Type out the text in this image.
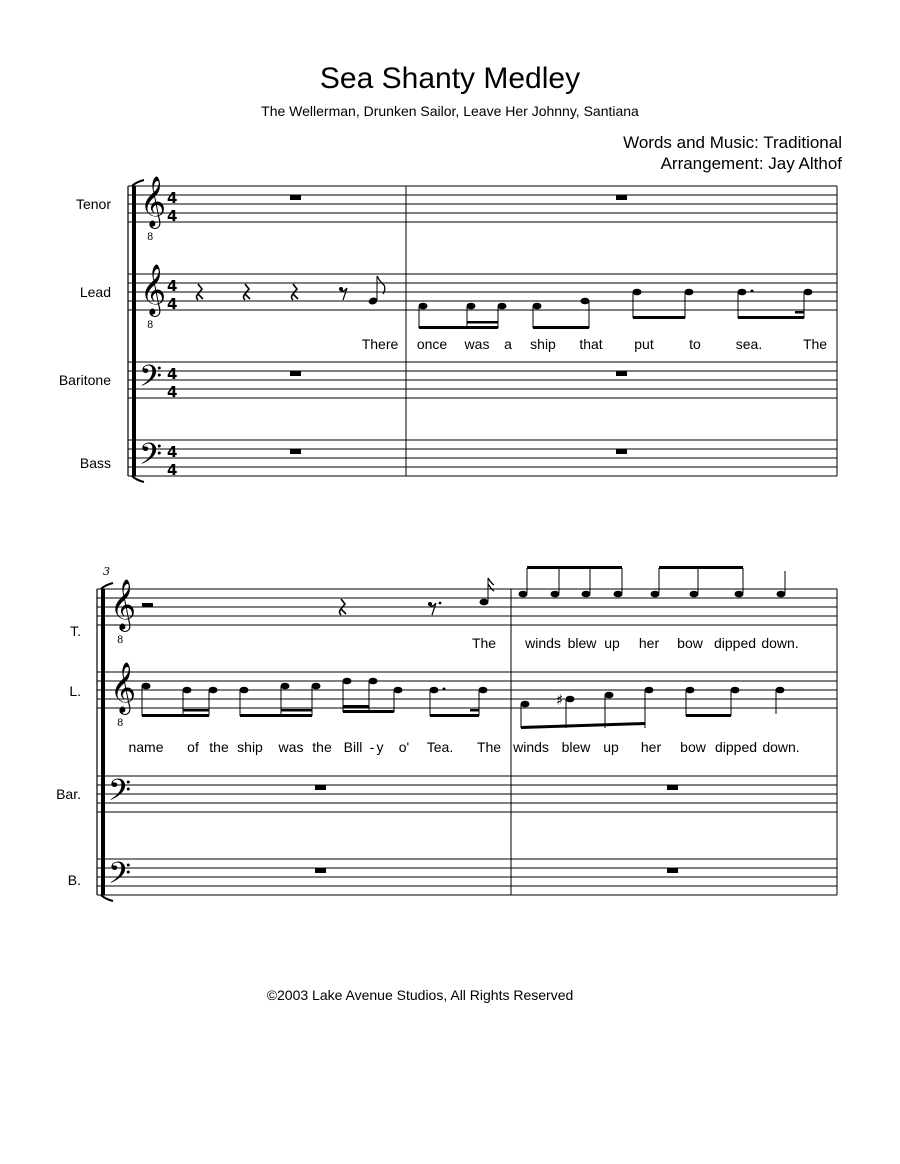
Sea Shanty Medley
The Wellerman, Drunken Sailor, Leave Her Johnny, Santiana
Words and Music: Traditional
Arrangement: Jay Althof
Tenor
Lead
Baritone
Bass
T.
L.
Bar.
B.
3
There once was a ship that put	to sea.	The
The winds blew up her bow dipped down.
name of the ship was the Bill - y o' Tea. The winds blew up her bow dipped down.
©2003 Lake Avenue Studios, All Rights Reserved
𝄞
8
𝄞
8
𝄢
𝄢
4
4
4
4
4
4
4
4
𝄞
8
𝄞
8
𝄢
𝄢
♯
